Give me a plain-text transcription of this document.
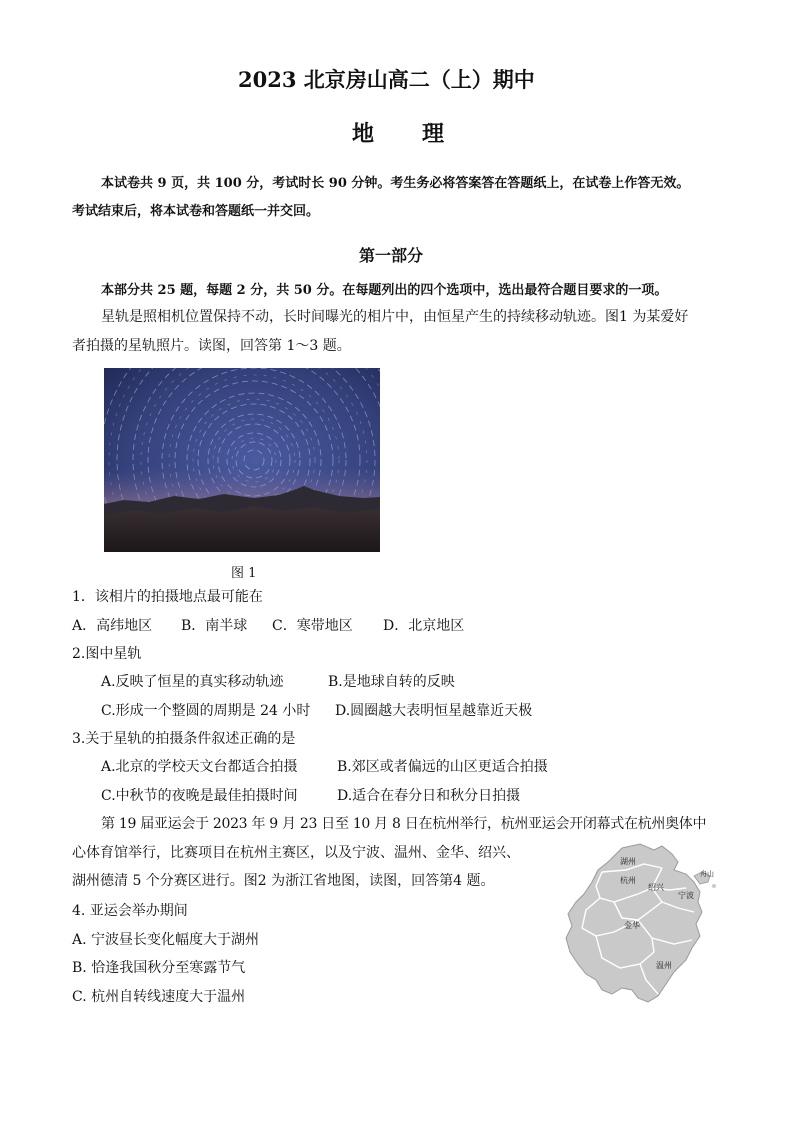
2023 北京房山高二（上）期中
地 理
本试卷共 9 页，共 100 分，考试时长 90 分钟。考生务必将答案答在答题纸上，在试卷上作答无效。
考试结束后，将本试卷和答题纸一并交回。
第一部分
本部分共 25 题，每题 2 分，共 50 分。在每题列出的四个选项中，选出最符合题目要求的一项。
星轨是照相机位置保持不动，长时间曝光的相片中，由恒星产生的持续移动轨迹。图1 为某爱好
者拍摄的星轨照片。读图，回答第 1～3 题。
图 1
1．该相片的拍摄地点最可能在
A．高纬地区 B．南半球 C．寒带地区 D．北京地区
2.图中星轨
A.反映了恒星的真实移动轨迹	B.是地球自转的反映
C.形成一个整圆的周期是 24 小时 D.圆圈越大表明恒星越靠近天极
3.关于星轨的拍摄条件叙述正确的是
A.北京的学校天文台都适合拍摄	B.郊区或者偏远的山区更适合拍摄
C.中秋节的夜晚是最佳拍摄时间	D.适合在春分日和秋分日拍摄
第 19 届亚运会于 2023 年 9 月 23 日至 10 月 8 日在杭州举行，杭州亚运会开闭幕式在杭州奥体中
心体育馆举行，比赛项目在杭州主赛区，以及宁波、温州、金华、绍兴、
湖州德清 5 个分赛区进行。图2 为浙江省地图，读图，回答第4 题。
4. 亚运会举办期间
A. 宁波昼长变化幅度大于湖州
B. 恰逢我国秋分至寒露节气
C. 杭州自转线速度大于温州
湖州
杭州
绍兴
宁波
舟山
金华
温州
